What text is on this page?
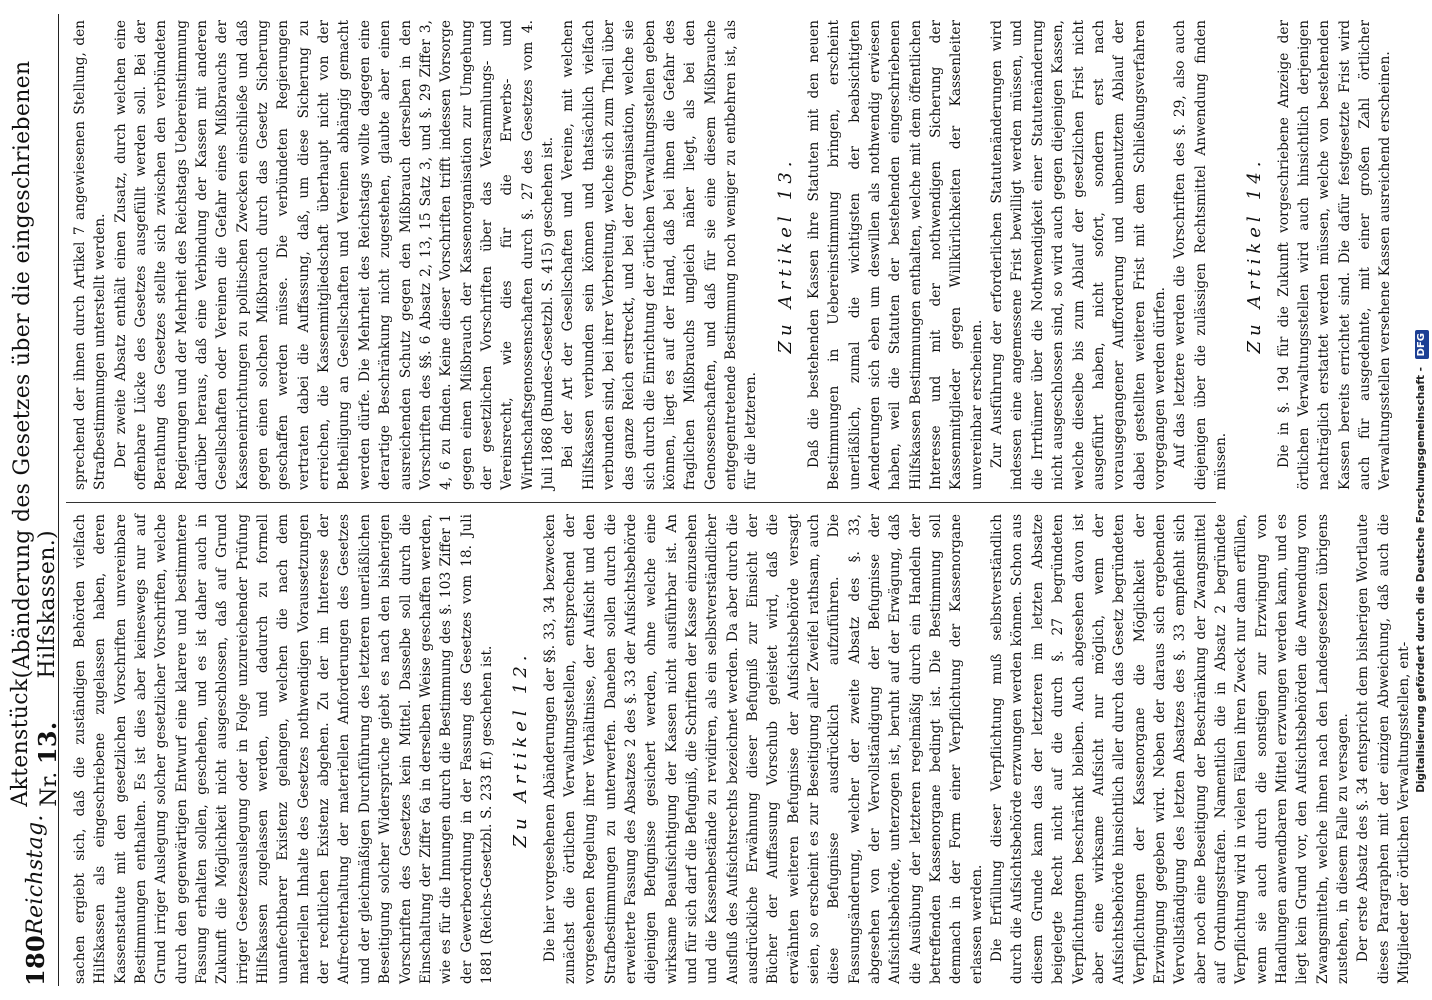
180
Reichstag.
Aktenstück Nr. 13.
(Abänderung des Gesetzes über die eingeschriebenen Hilfskassen.) sachen ergiebt sich, daß die zuständigen Behörden vielfach Hilfskassen als eingeschriebene zugelassen haben, deren Kassenstatute mit den gesetzlichen Vorschriften unvereinbare Bestimmungen enthalten. Es ist dies aber keineswegs nur auf Grund irriger Auslegung solcher gesetzlicher Vorschriften, welche durch den gegenwärtigen Entwurf eine klarere und bestimmtere Fassung erhalten sollen, geschehen, und es ist daher auch in Zukunft die Möglichkeit nicht ausgeschlossen, daß auf Grund irriger Gesetzesauslegung oder in Folge unzureichender Prüfung Hilfskassen zugelassen werden, und dadurch zu formell unanfechtbarer Existenz gelangen, welchen die nach dem materiellen Inhalte des Gesetzes nothwendigen Voraussetzungen der rechtlichen Existenz abgehen. Zu der im Interesse der Aufrechterhaltung der materiellen Anforderungen des Gesetzes und der gleichmäßigen Durchführung des letzteren unerläßlichen Beseitigung solcher Widersprüche giebt es nach den bisherigen Vorschriften des Gesetzes kein Mittel. Dasselbe soll durch die Einschaltung der Ziffer 6a in derselben Weise geschaffen werden, wie es für die Innungen durch die Bestimmung des §. 103 Ziffer 1 der Gewerbeordnung in der Fassung des Gesetzes vom 18. Juli 1881 (Reichs-Gesetzbl. S. 233 ff.) geschehen ist. Zu Artikel 12. Die hier vorgesehenen Abänderungen der §§. 33, 34 bezwecken zunächst die örtlichen Verwaltungsstellen, entsprechend der vorgesehenen Regelung ihrer Verhältnisse, der Aufsicht und den Strafbestimmungen zu unterwerfen. Daneben sollen durch die erweiterte Fassung des Absatzes 2 des §. 33 der Aufsichtsbehörde diejenigen Befugnisse gesichert werden, ohne welche eine wirksame Beaufsichtigung der Kassen nicht ausführbar ist. An und für sich darf die Befugniß, die Schriften der Kasse einzusehen und die Kassenbestände zu revidiren, als ein selbstverständlicher Ausfluß des Aufsichtsrechts bezeichnet werden. Da aber durch die ausdrückliche Erwähnung dieser Befugniß zur Einsicht der Bücher der Auffassung Vorschub geleistet wird, daß die erwähnten weiteren Befugnisse der Aufsichtsbehörde versagt seien, so erscheint es zur Beseitigung aller Zweifel rathsam, auch diese Befugnisse ausdrücklich aufzuführen. Die Fassungsänderung, welcher der zweite Absatz des §. 33, abgesehen von der Vervollständigung der Befugnisse der Aufsichtsbehörde, unterzogen ist, beruht auf der Erwägung, daß die Ausübung der letzteren regelmäßig durch ein Handeln der betreffenden Kassenorgane bedingt ist. Die Bestimmung soll demnach in der Form einer Verpflichtung der Kassenorgane erlassen werden. Die Erfüllung dieser Verpflichtung muß selbstverständlich durch die Aufsichtsbehörde erzwungen werden können. Schon aus diesem Grunde kann das der letzteren im letzten Absatze beigelegte Recht nicht auf die durch §. 27 begründeten Verpflichtungen beschränkt bleiben. Auch abgesehen davon ist aber eine wirksame Aufsicht nur möglich, wenn der Aufsichtsbehörde hinsichtlich aller durch das Gesetz begründeten Verpflichtungen der Kassenorgane die Möglichkeit der Erzwingung gegeben wird. Neben der daraus sich ergebenden Vervollständigung des letzten Absatzes des §. 33 empfiehlt sich aber noch eine Beseitigung der Beschränkung der Zwangsmittel auf Ordnungsstrafen. Namentlich die in Absatz 2 begründete Verpflichtung wird in vielen Fällen ihren Zweck nur dann erfüllen, wenn sie auch durch die sonstigen zur Erzwingung von Handlungen anwendbaren Mittel erzwungen werden kann, und es liegt kein Grund vor, den Aufsichtsbehörden die Anwendung von Zwangsmitteln, welche ihnen nach den Landesgesetzen übrigens zustehen, in diesem Falle zu versagen. Der erste Absatz des §. 34 entspricht dem bisherigen Wortlaute dieses Paragraphen mit der einzigen Abweichung, daß auch die Mitglieder der örtlichen Verwaltungsstellen, ent-

sprechend der ihnen durch Artikel 7 angewiesenen Stellung, den Strafbestimmungen unterstellt werden. Der zweite Absatz enthält einen Zusatz, durch welchen eine offenbare Lücke des Gesetzes ausgefüllt werden soll. Bei der Berathung des Gesetzes stellte sich zwischen den verbündeten Regierungen und der Mehrheit des Reichstags Uebereinstimmung darüber heraus, daß eine Verbindung der Kassen mit anderen Gesellschaften oder Vereinen die Gefahr eines Mißbrauchs der Kasseneinrichtungen zu politischen Zwecken einschließe und daß gegen einen solchen Mißbrauch durch das Gesetz Sicherung geschaffen werden müsse. Die verbündeten Regierungen vertraten dabei die Auffassung, daß, um diese Sicherung zu erreichen, die Kassenmitgliedschaft überhaupt nicht von der Betheiligung an Gesellschaften und Vereinen abhängig gemacht werden dürfe. Die Mehrheit des Reichstags wollte dagegen eine derartige Beschränkung nicht zugestehen, glaubte aber einen ausreichenden Schutz gegen den Mißbrauch derselben in den Vorschriften des §§. 6 Absatz 2, 13, 15 Satz 3, und §. 29 Ziffer 3, 4, 6 zu finden. Keine dieser Vorschriften trifft indessen Vorsorge gegen einen Mißbrauch der Kassenorganisation zur Umgehung der gesetzlichen Vorschriften über das Versammlungs- und Vereinsrecht, wie dies für die Erwerbs- und Wirthschaftsgenossenschaften durch §. 27 des Gesetzes vom 4. Juli 1868 (Bundes-Gesetzbl. S. 415) geschehen ist. Bei der Art der Gesellschaften und Vereine, mit welchen Hilfskassen verbunden sein können und thatsächlich vielfach verbunden sind, bei ihrer Verbreitung, welche sich zum Theil über das ganze Reich erstreckt, und bei der Organisation, welche sie sich durch die Einrichtung der örtlichen Verwaltungsstellen geben können, liegt es auf der Hand, daß bei ihnen die Gefahr des fraglichen Mißbrauchs ungleich näher liegt, als bei den Genossenschaften, und daß für sie eine diesem Mißbrauche entgegentretende Bestimmung noch weniger zu entbehren ist, als für die letzteren.

Zu Artikel 13. Daß die bestehenden Kassen ihre Statuten mit den neuen Bestimmungen in Uebereinstimmung bringen, erscheint unerläßlich, zumal die wichtigsten der beabsichtigten Aenderungen sich eben um deswillen als nothwendig erwiesen haben, weil die Statuten der bestehenden eingeschriebenen Hilfskassen Bestimmungen enthalten, welche mit dem öffentlichen Interesse und mit der nothwendigen Sicherung der Kassenmitglieder gegen Willkürlichkeiten der Kassenleiter unvereinbar erscheinen. Zur Ausführung der erforderlichen Statutenänderungen wird indessen eine angemessene Frist bewilligt werden müssen, und die Irrthümer über die Nothwendigkeit einer Statutenänderung nicht ausgeschlossen sind, so wird auch gegen diejenigen Kassen, welche dieselbe bis zum Ablauf der gesetzlichen Frist nicht ausgeführt haben, nicht sofort, sondern erst nach vorausgegangener Aufforderung und unbenutztem Ablauf der dabei gestellten weiteren Frist mit dem Schließungsverfahren vorgegangen werden dürfen. Auf das letztere werden die Vorschriften des §. 29, also auch diejenigen über die zulässigen Rechtsmittel Anwendung finden müssen.

Zu Artikel 14. Die in §. 19d für die Zukunft vorgeschriebene Anzeige der örtlichen Verwaltungsstellen wird auch hinsichtlich derjenigen nachträglich erstattet werden müssen, welche von bestehenden Kassen bereits errichtet sind. Die dafür festgesetzte Frist wird auch für ausgedehnte, mit einer großen Zahl örtlicher Verwaltungsstellen versehene Kassen ausreichend erscheinen.

Digitalisierung gefördert durch die Deutsche Forschungsgemeinschaft - DFG
